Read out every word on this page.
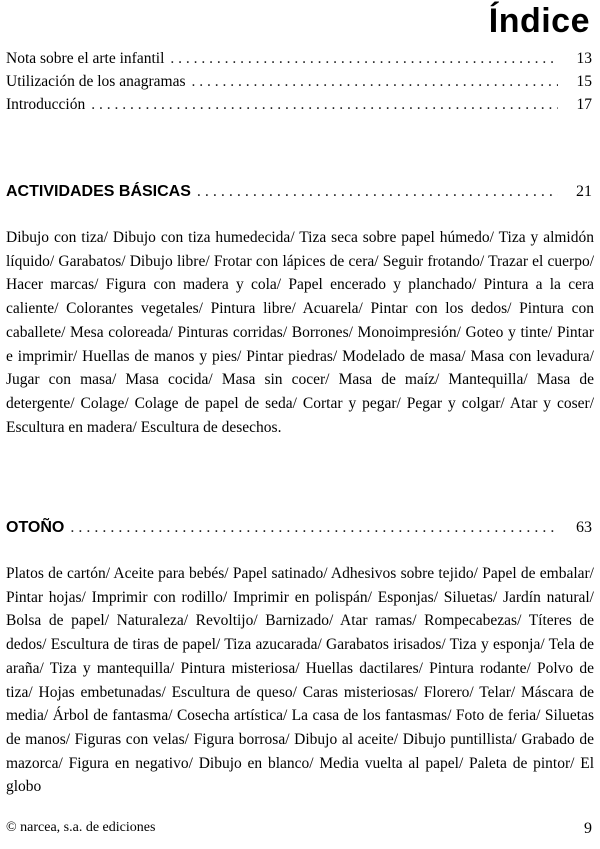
Índice
Nota sobre el arte infantil . . .	13
Utilización de los anagramas . . .	15
Introducción . . .	17
ACTIVIDADES BÁSICAS . . .	21
Dibujo con tiza/ Dibujo con tiza humedecida/ Tiza seca sobre papel húmedo/ Tiza y almidón líquido/ Garabatos/ Dibujo libre/ Frotar con lápices de cera/ Seguir frotando/ Trazar el cuerpo/ Hacer marcas/ Figura con madera y cola/ Papel encerado y planchado/ Pintura a la cera caliente/ Colorantes vegetales/ Pintura libre/ Acuarela/ Pintar con los dedos/ Pintura con caballete/ Mesa coloreada/ Pinturas corridas/ Borrones/ Monoimpresión/ Goteo y tinte/ Pintar e imprimir/ Huellas de manos y pies/ Pintar piedras/ Modelado de masa/ Masa con levadura/ Jugar con masa/ Masa cocida/ Masa sin cocer/ Masa de maíz/ Mantequilla/ Masa de detergente/ Colage/ Colage de papel de seda/ Cortar y pegar/ Pegar y colgar/ Atar y coser/ Escultura en madera/ Escultura de desechos.
OTOÑO . . .	63
Platos de cartón/ Aceite para bebés/ Papel satinado/ Adhesivos sobre tejido/ Papel de embalar/ Pintar hojas/ Imprimir con rodillo/ Imprimir en polispán/ Esponjas/ Siluetas/ Jardín natural/ Bolsa de papel/ Naturaleza/ Revoltijo/ Barnizado/ Atar ramas/ Rompecabezas/ Títeres de dedos/ Escultura de tiras de papel/ Tiza azucarada/ Garabatos irisados/ Tiza y esponja/ Tela de araña/ Tiza y mantequilla/ Pintura misteriosa/ Huellas dactilares/ Pintura rodante/ Polvo de tiza/ Hojas embetunadas/ Escultura de queso/ Caras misteriosas/ Florero/ Telar/ Máscara de media/ Árbol de fantasma/ Cosecha artística/ La casa de los fantasmas/ Foto de feria/ Siluetas de manos/ Figuras con velas/ Figura borrosa/ Dibujo al aceite/ Dibujo puntillista/ Grabado de mazorca/ Figura en negativo/ Dibujo en blanco/ Media vuelta al papel/ Paleta de pintor/ El globo
© narcea, s.a. de ediciones	9
